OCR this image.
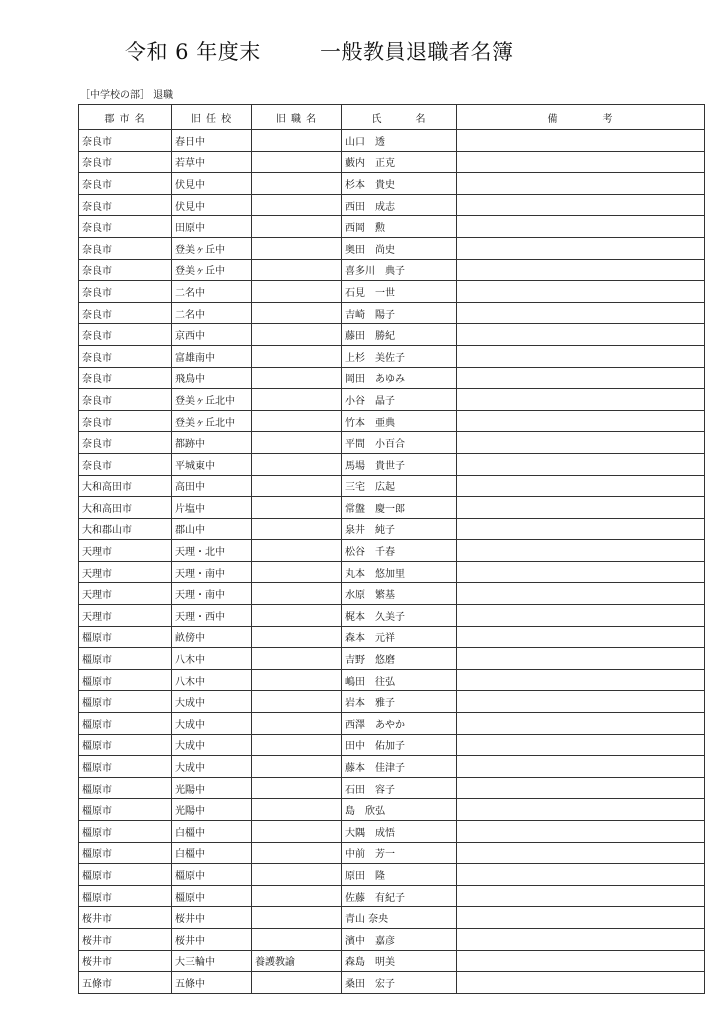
令和 6 年度末	一般教員退職者名簿
［中学校の部］ 退職
郡 市 名	旧 任 校	旧 職 名	氏　　　名	備　　　　考
奈良市	春日中		山口　透	
奈良市	若草中		藪内　正克	
奈良市	伏見中		杉本　貴史	
奈良市	伏見中		西田　成志	
奈良市	田原中		西岡　勲	
奈良市	登美ヶ丘中		奥田　尚史	
奈良市	登美ヶ丘中		喜多川　典子	
奈良市	二名中		石見　一世	
奈良市	二名中		吉崎　陽子	
奈良市	京西中		藤田　勝紀	
奈良市	富雄南中		上杉　美佐子	
奈良市	飛鳥中		岡田　あゆみ	
奈良市	登美ヶ丘北中		小谷　晶子	
奈良市	登美ヶ丘北中		竹本　亜典	
奈良市	都跡中		平間　小百合	
奈良市	平城東中		馬場　貴世子	
大和高田市	高田中		三宅　広起	
大和高田市	片塩中		常盤　慶一郎	
大和郡山市	郡山中		泉井　純子	
天理市	天理・北中		松谷　千春	
天理市	天理・南中		丸本　悠加里	
天理市	天理・南中		水原　繁基	
天理市	天理・西中		梶本　久美子	
橿原市	畝傍中		森本　元祥	
橿原市	八木中		吉野　悠磨	
橿原市	八木中		嶋田　往弘	
橿原市	大成中		岩本　雅子	
橿原市	大成中		西澤　あやか	
橿原市	大成中		田中　佑加子	
橿原市	大成中		藤本　佳津子	
橿原市	光陽中		石田　容子	
橿原市	光陽中		島　欣弘	
橿原市	白橿中		大隅　成悟	
橿原市	白橿中		中前　芳一	
橿原市	橿原中		原田　隆	
橿原市	橿原中		佐藤　有紀子	
桜井市	桜井中		青山 奈央	
桜井市	桜井中		濱中　嘉彦	
桜井市	大三輪中	養護教諭	森島　明美	
五條市	五條中		桑田　宏子	
